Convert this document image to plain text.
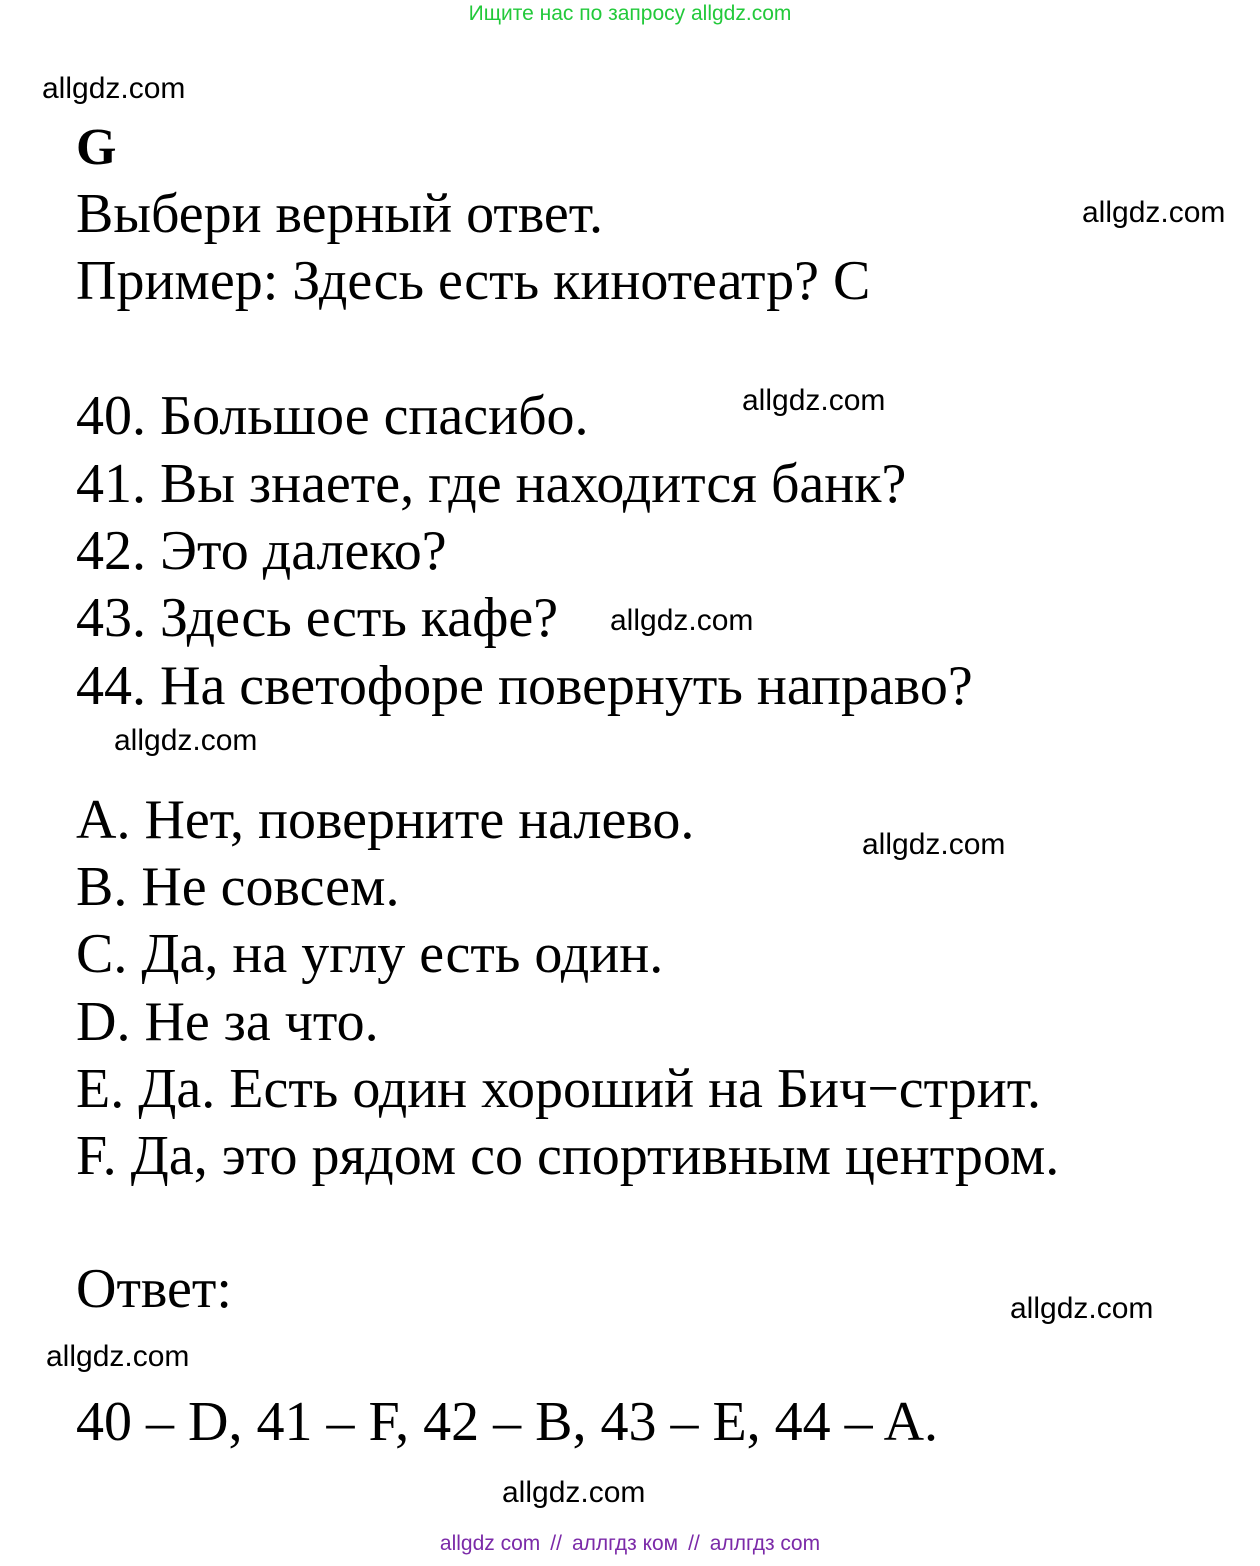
Ищите нас по запросу allgdz.com
allgdz.com
allgdz.com
allgdz.com
allgdz.com
allgdz.com
allgdz.com
allgdz.com
allgdz.com
allgdz.com
G
Выбери верный ответ.
Пример: Здесь есть кинотеатр? С
40. Большое спасибо.
41. Вы знаете, где находится банк?
42. Это далеко?
43. Здесь есть кафе?
44. На светофоре повернуть направо?
A. Нет, поверните налево.
B. Не совсем.
C. Да, на углу есть один.
D. Не за что.
E. Да. Есть один хороший на Бич−стрит.
F. Да, это рядом со спортивным центром.
Ответ:
40 – D, 41 – F, 42 – B, 43 – E, 44 – A.
allgdz com // аллгдз ком // аллгдз com
